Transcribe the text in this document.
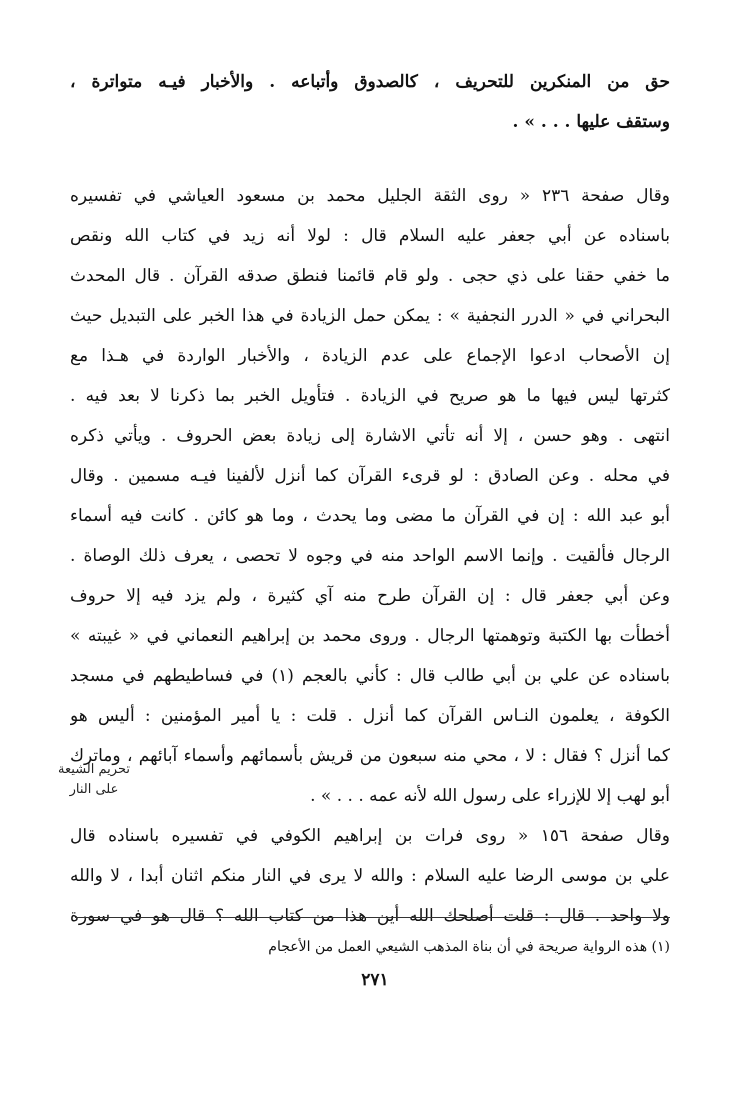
حق من المنكرين للتحريف ، كالصدوق وأتباعه . والأخبار فيـه متواترة ،
وستقف عليها . . . » .
وقال صفحة ٢٣٦ « روى الثقة الجليل محمد بن مسعود العياشي في تفسيره
باسناده عن أبي جعفر عليه السلام قال : لولا أنه زيد في كتاب الله ونقص
ما خفي حقنا على ذي حجى . ولو قام قائمنا فنطق صدقه القرآن . قال المحدث
البحراني في « الدرر النجفية » : يمكن حمل الزيادة في هذا الخبر على التبديل حيث
إن الأصحاب ادعوا الإجماع على عدم الزيادة ، والأخبار الواردة في هـذا مع
كثرتها ليس فيها ما هو صريح في الزيادة . فتأويل الخبر بما ذكرنا لا بعد فيه .
انتهى . وهو حسن ، إلا أنه تأتي الاشارة إلى زيادة بعض الحروف . ويأتي ذكره
في محله . وعن الصادق : لو قرىء القرآن كما أنزل لألفينا فيـه مسمين . وقال
أبو عبد الله : إن في القرآن ما مضى وما يحدث ، وما هو كائن . كانت فيه أسماء
الرجال فألقيت . وإنما الاسم الواحد منه في وجوه لا تحصى ، يعرف ذلك الوصاة .
وعن أبي جعفر قال : إن القرآن طرح منه آي كثيرة ، ولم يزد فيه إلا حروف
أخطأت بها الكتبة وتوهمتها الرجال . وروى محمد بن إبراهيم النعماني في « غيبته »
باسناده عن علي بن أبي طالب قال : كأني بالعجم (١) في فساطيطهم في مسجد
الكوفة ، يعلمون النـاس القرآن كما أنزل . قلت : يا أمير المؤمنين : أليس هو
كما أنزل ؟ فقال : لا ، محي منه سبعون من قريش بأسمائهم وأسماء آبائهم ، وماترك
أبو لهب إلا للإزراء على رسول الله لأنه عمه . . . » .
وقال صفحة ١٥٦ « روى فرات بن إبراهيم الكوفي في تفسيره باسناده قال
علي بن موسى الرضا عليه السلام : والله لا يرى في النار منكم اثنان أبدا ، لا والله
ولا واحد . قال : قلت أصلحك الله أين هذا من كتاب الله ؟ قال هو في سورة
تحريم الشيعة على النار
(١) هذه الرواية صريحة في أن بناة المذهب الشيعي العمل من الأعجام
٢٧١
